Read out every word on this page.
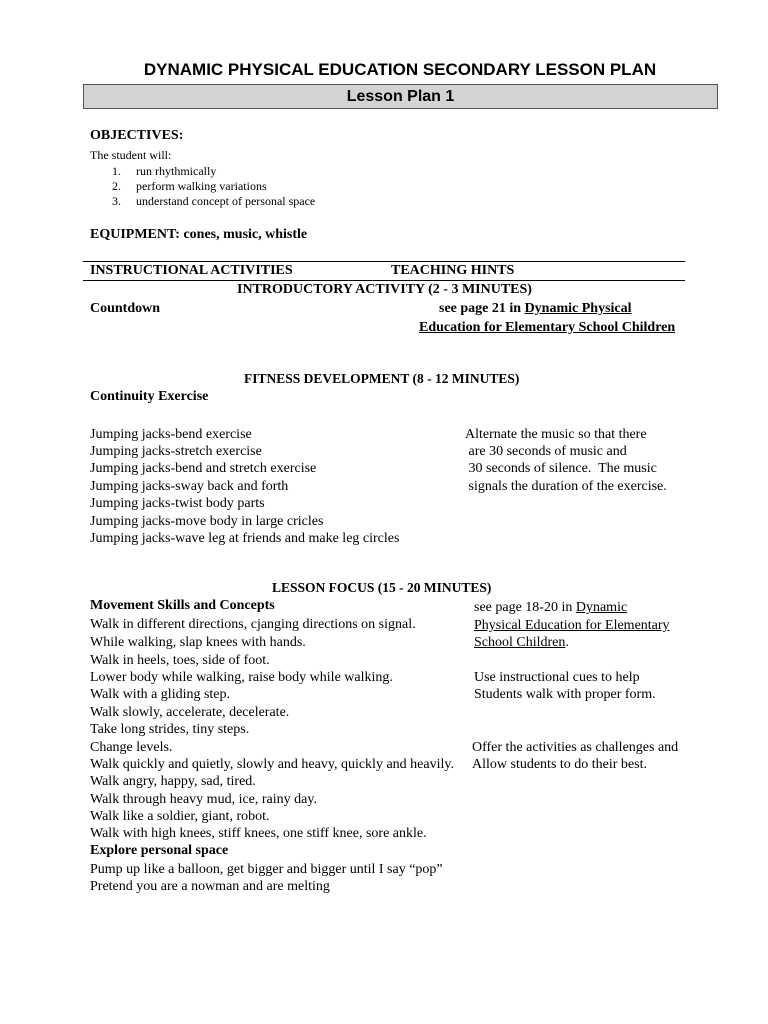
DYNAMIC PHYSICAL EDUCATION SECONDARY LESSON PLAN
Lesson Plan 1
OBJECTIVES:
The student will:
1. run rhythmically
2. perform walking variations
3. understand concept of personal space
EQUIPMENT: cones, music, whistle
INSTRUCTIONAL ACTIVITIES	TEACHING HINTS
INTRODUCTORY ACTIVITY (2 - 3 MINUTES)
Countdown	see page 21 in Dynamic Physical
Education for Elementary School Children
FITNESS DEVELOPMENT (8 - 12 MINUTES)
Continuity Exercise
Jumping jacks-bend exercise
Jumping jacks-stretch exercise
Jumping jacks-bend and stretch exercise
Jumping jacks-sway back and forth
Jumping jacks-twist body parts
Jumping jacks-move body in large cricles
Jumping jacks-wave leg at friends and make leg circles
Alternate the music so that there
are 30 seconds of music and
30 seconds of silence.  The music
signals the duration of the exercise.
LESSON FOCUS (15 - 20 MINUTES)
Movement Skills and Concepts
Walk in different directions, cjanging directions on signal.
While walking, slap knees with hands.
Walk in heels, toes, side of foot.
Lower body while walking, raise body while walking.
Walk with a gliding step.
Walk slowly, accelerate, decelerate.
Take long strides, tiny steps.
Change levels.
Walk quickly and quietly, slowly and heavy, quickly and heavily.
Walk angry, happy, sad, tired.
Walk through heavy mud, ice, rainy day.
Walk like a soldier, giant, robot.
Walk with high knees, stiff knees, one stiff knee, sore ankle.
Explore personal space
Pump up like a balloon, get bigger and bigger until I say “pop”
Pretend you are a nowman and are melting
see page 18-20 in Dynamic
Physical Education for Elementary
School Children.
Use instructional cues to help
Students walk with proper form.
Offer the activities as challenges and
Allow students to do their best.
